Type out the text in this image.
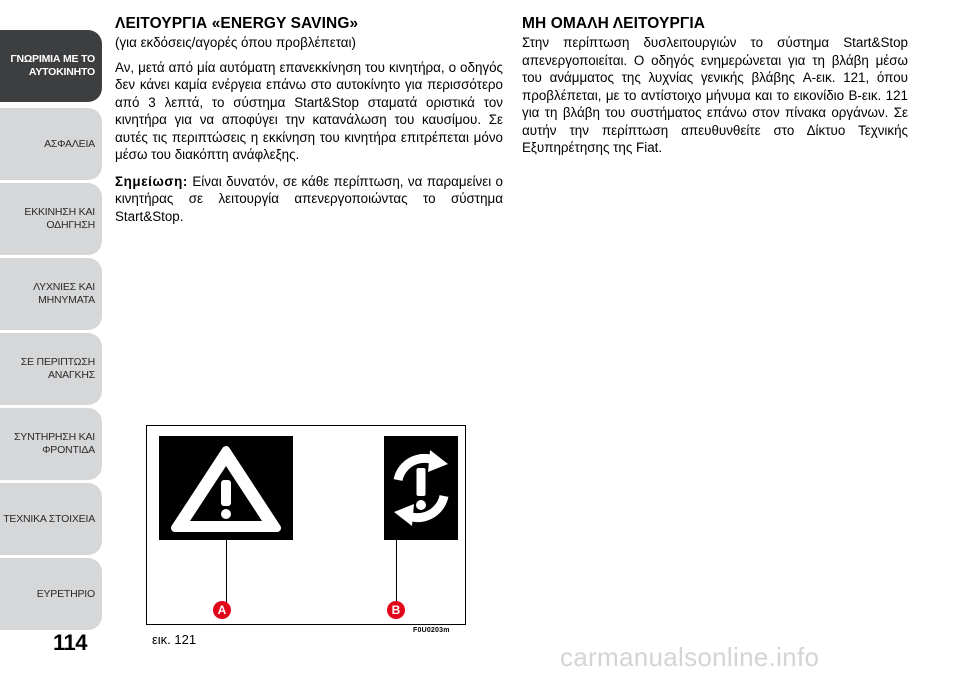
ΓΝΩΡΙΜΙΑ ΜΕ ΤΟ
ΑΥΤΟΚΙΝΗΤΟ
ΑΣΦΑΛΕΙΑ
ΕΚΚΙΝΗΣΗ ΚΑΙ
ΟΔΗΓΗΣΗ
ΛΥΧΝΙΕΣ ΚΑΙ
ΜΗΝΥΜΑΤΑ
ΣΕ ΠΕΡΙΠΤΩΣΗ
ΑΝΑΓΚΗΣ
ΣΥΝΤΗΡΗΣΗ ΚΑΙ
ΦΡΟΝΤΙΔΑ
ΤΕΧΝΙΚΑ ΣΤΟΙΧΕΙΑ
ΕΥΡΕΤΗΡΙΟ
114
ΛΕΙΤΟΥΡΓΙΑ «ENERGY SAVING»
(για εκδόσεις/αγορές όπου προβλέπεται)

Αν, μετά από μία αυτόματη επανεκκίνηση του κινητήρα, ο οδηγός δεν κάνει καμία ενέργεια επάνω στο αυτοκίνητο για περισσότερο από 3 λεπτά, το σύστημα Start&Stop σταματά οριστικά τον κινητήρα για να αποφύγει την κατανάλωση του καυσίμου. Σε αυτές τις περιπτώσεις η εκκίνηση του κινητήρα επιτρέπεται μόνο μέσω του διακόπτη ανάφλεξης.

Σημείωση: Είναι δυνατόν, σε κάθε περίπτωση, να παραμείνει ο κινητήρας σε λειτουργία απενεργοποιώντας το σύστημα Start&Stop.

ΜΗ ΟΜΑΛΗ ΛΕΙΤΟΥΡΓΙΑ

Στην περίπτωση δυσλειτουργιών το σύστημα Start&Stop απενεργοποιείται. Ο οδηγός ενημερώνεται για τη βλάβη μέσω του ανάμματος της λυχνίας γενικής βλάβης A-εικ. 121, όπου προβλέπεται, με το αντίστοιχο μήνυμα και το εικονίδιο B-εικ. 121 για τη βλάβη του συστήματος επάνω στον πίνακα οργάνων. Σε αυτήν την περίπτωση απευθυνθείτε στο Δίκτυο Τεχνικής Εξυπηρέτησης της Fiat.

A	B
εικ. 121
F0U0203m
carmanualsonline.info
